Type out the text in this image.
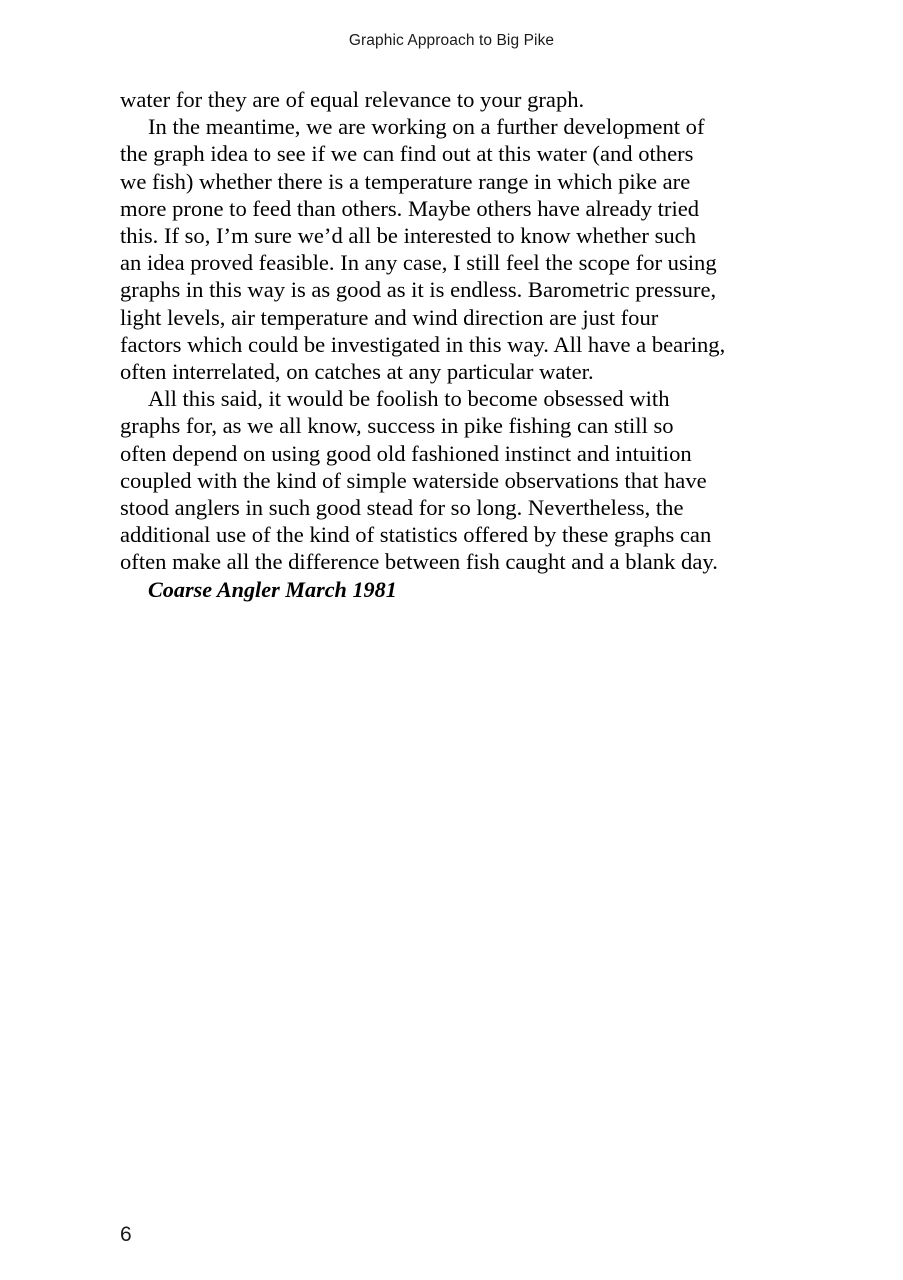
Graphic Approach to Big Pike

water for they are of equal relevance to your graph.

In the meantime, we are working on a further development of
the graph idea to see if we can find out at this water (and others
we fish) whether there is a temperature range in which pike are
more prone to feed than others. Maybe others have already tried
this. If so, I’m sure we’d all be interested to know whether such
an idea proved feasible. In any case, I still feel the scope for using
graphs in this way is as good as it is endless. Barometric pressure,
light levels, air temperature and wind direction are just four
factors which could be investigated in this way. All have a bearing,
often interrelated, on catches at any particular water.

All this said, it would be foolish to become obsessed with
graphs for, as we all know, success in pike fishing can still so
often depend on using good old fashioned instinct and intuition
coupled with the kind of simple waterside observations that have
stood anglers in such good stead for so long. Nevertheless, the
additional use of the kind of statistics offered by these graphs can
often make all the difference between fish caught and a blank day.

Coarse Angler March 1981

6
